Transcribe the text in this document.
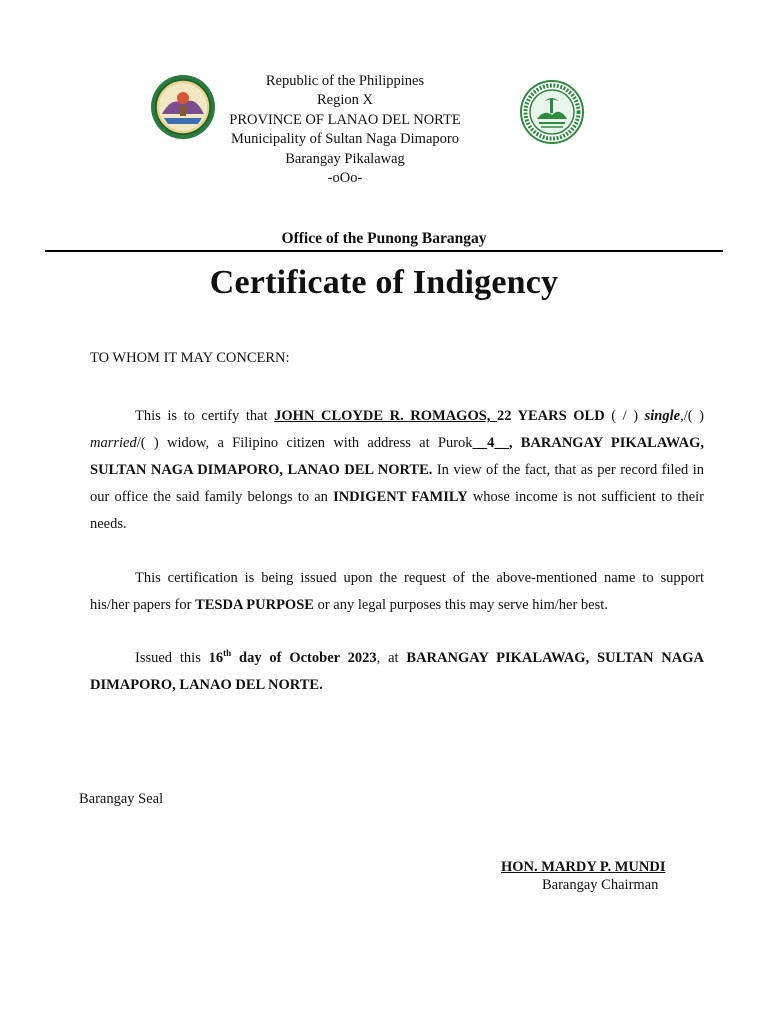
Republic of the Philippines
Region X
PROVINCE OF LANAO DEL NORTE
Municipality of Sultan Naga Dimaporo
Barangay Pikalawag
-oOo-
Office of the Punong Barangay
Certificate of Indigency
TO WHOM IT MAY CONCERN:
This is to certify that JOHN CLOYDE R. ROMAGOS, 22 YEARS OLD ( / ) single,/( ) married/( ) widow, a Filipino citizen with address at Purok__4__, BARANGAY PIKALAWAG, SULTAN NAGA DIMAPORO, LANAO DEL NORTE. In view of the fact, that as per record filed in our office the said family belongs to an INDIGENT FAMILY whose income is not sufficient to their needs.
This certification is being issued upon the request of the above-mentioned name to support his/her papers for TESDA PURPOSE or any legal purposes this may serve him/her best.
Issued this 16th day of October 2023, at BARANGAY PIKALAWAG, SULTAN NAGA DIMAPORO, LANAO DEL NORTE.
Barangay Seal
HON. MARDY P. MUNDI
Barangay Chairman
